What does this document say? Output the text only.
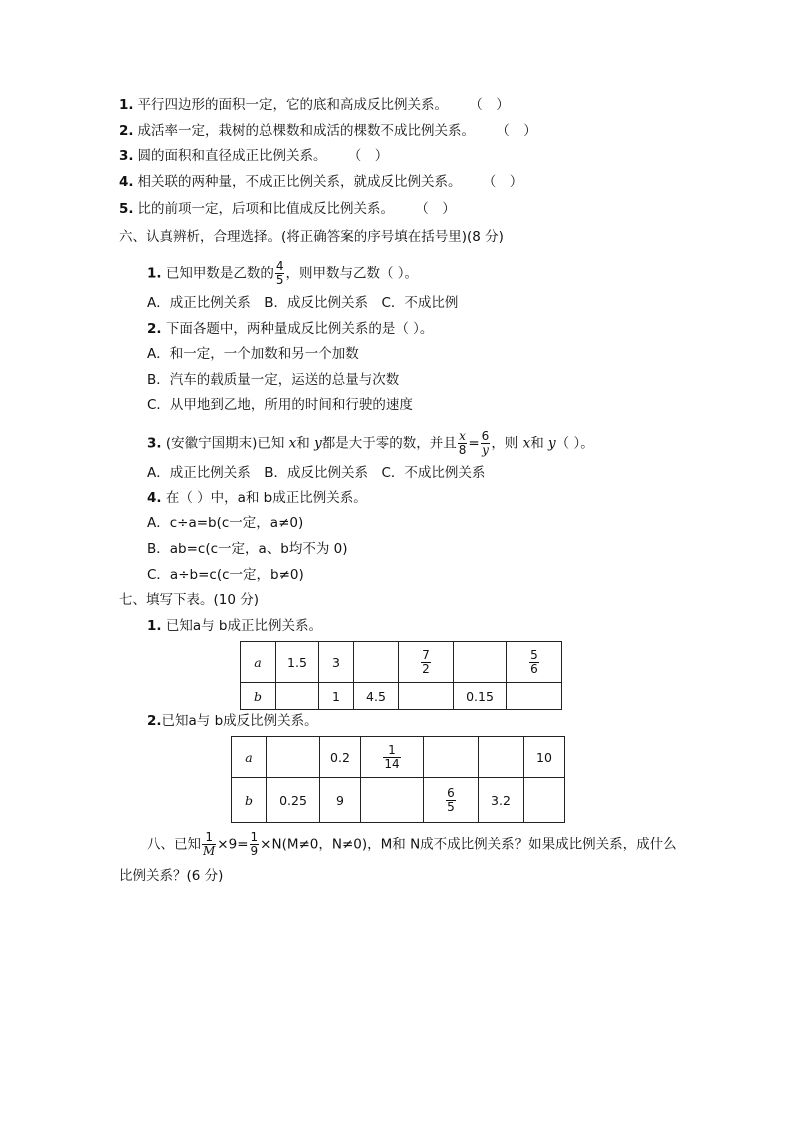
1. 平行四边形的面积一定，它的底和高成反比例关系。 （　）
2. 成活率一定，栽树的总棵数和成活的棵数不成比例关系。 （　）
3. 圆的面积和直径成正比例关系。 （　）
4. 相关联的两种量，不成正比例关系，就成反比例关系。 （　）
5. 比的前项一定，后项和比值成反比例关系。 （　）
六、认真辨析，合理选择。(将正确答案的序号填在括号里)(8 分)
1. 已知甲数是乙数的 $\frac{4}{5}$ ，则甲数与乙数（ ）。
A．成正比例关系　B．成反比例关系　C．不成比例
2. 下面各题中，两种量成反比例关系的是（ ）。
A．和一定，一个加数和另一个加数
B．汽车的载质量一定，运送的总量与次数
C．从甲地到乙地，所用的时间和行驶的速度
3. (安徽宁国期末)已知 x和 y都是大于零的数，并且 $\frac{x}{8} = \frac{6}{y}$ ，则 x和 y（ ）。
A．成正比例关系　B．成反比例关系　C．不成比例关系
4. 在（ ）中，a和 b成正比例关系。
A．c÷a=b(c一定，a≠0)
B．ab=c(c一定，a、b均不为 0)
C．a÷b=c(c一定，b≠0)
七、填写下表。(10 分)
1. 已知a与 b成正比例关系。
a	1.5	3		$\frac{7}{2}$		$\frac{5}{6}$

b		1	4.5		0.15	
2.已知a与 b成反比例关系。
a		0.2	$\frac{1}{14}$			10
b	0.25	9		$\frac{6}{5}$	3.2	
八、已知 $\frac{1}{M} \times 9= \frac{1}{9} \times N(M\ne 0$，N≠0)，M和 N成不成比例关系？如果成比例关系，成什么
比例关系？(6 分)
